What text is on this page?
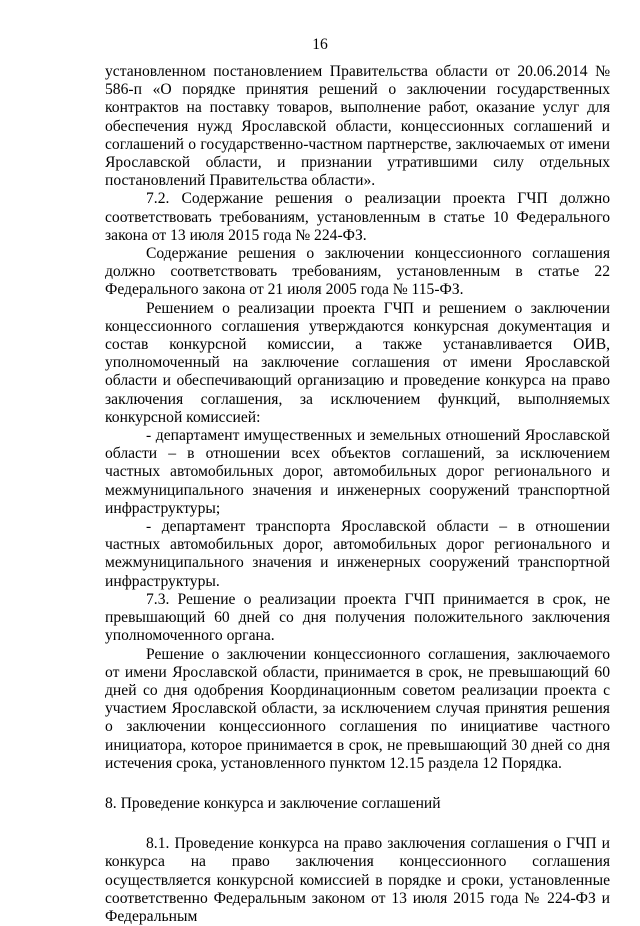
16

установленном постановлением Правительства области от 20.06.2014 № 586-п «О порядке принятия решений о заключении государственных контрактов на поставку товаров, выполнение работ, оказание услуг для обеспечения нужд Ярославской области, концессионных соглашений и соглашений о государственно-частном партнерстве, заключаемых от имени Ярославской области, и признании утратившими силу отдельных постановлений Правительства области».

7.2. Содержание решения о реализации проекта ГЧП должно соответствовать требованиям, установленным в статье 10 Федерального закона от 13 июля 2015 года № 224-ФЗ.

Содержание решения о заключении концессионного соглашения должно соответствовать требованиям, установленным в статье 22 Федерального закона от 21 июля 2005 года № 115-ФЗ.

Решением о реализации проекта ГЧП и решением о заключении концессионного соглашения утверждаются конкурсная документация и состав конкурсной комиссии, а также устанавливается ОИВ, уполномоченный на заключение соглашения от имени Ярославской области и обеспечивающий организацию и проведение конкурса на право заключения соглашения, за исключением функций, выполняемых конкурсной комиссией:

- департамент имущественных и земельных отношений Ярославской области – в отношении всех объектов соглашений, за исключением частных автомобильных дорог, автомобильных дорог регионального и межмуниципального значения и инженерных сооружений транспортной инфраструктуры;

- департамент транспорта Ярославской области – в отношении частных автомобильных дорог, автомобильных дорог регионального и межмуниципального значения и инженерных сооружений транспортной инфраструктуры.

7.3. Решение о реализации проекта ГЧП принимается в срок, не превышающий 60 дней со дня получения положительного заключения уполномоченного органа.

Решение о заключении концессионного соглашения, заключаемого от имени Ярославской области, принимается в срок, не превышающий 60 дней со дня одобрения Координационным советом реализации проекта с участием Ярославской области, за исключением случая принятия решения о заключении концессионного соглашения по инициативе частного инициатора, которое принимается в срок, не превышающий 30 дней со дня истечения срока, установленного пунктом 12.15 раздела 12 Порядка.

8. Проведение конкурса и заключение соглашений

8.1. Проведение конкурса на право заключения соглашения о ГЧП и конкурса на право заключения концессионного соглашения осуществляется конкурсной комиссией в порядке и сроки, установленные соответственно Федеральным законом от 13 июля 2015 года № 224-ФЗ и Федеральным
